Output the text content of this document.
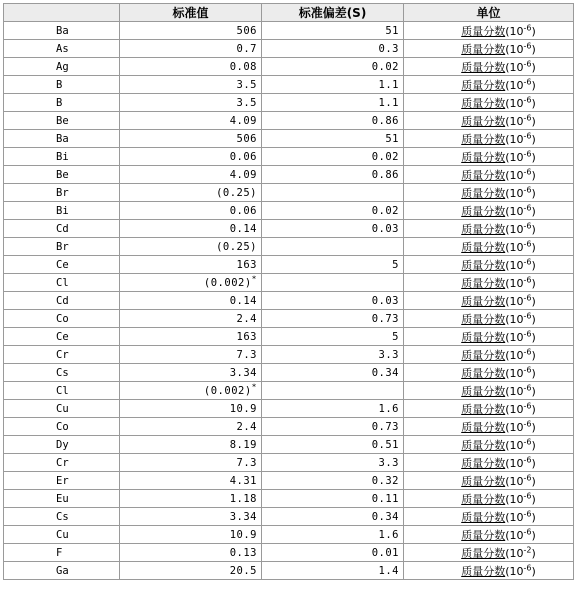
	标准值	标准偏差(S)	单位
Ba	506	51	质量分数$(10^{-6})$
As	0.7	0.3	质量分数$(10^{-6})$
Ag	0.08	0.02	质量分数$(10^{-6})$
B	3.5	1.1	质量分数$(10^{-6})$
B	3.5	1.1	质量分数$(10^{-6})$
Be	4.09	0.86	质量分数$(10^{-6})$
Ba	506	51	质量分数$(10^{-6})$
Bi	0.06	0.02	质量分数$(10^{-6})$
Be	4.09	0.86	质量分数$(10^{-6})$
Br	(0.25)		质量分数$(10^{-6})$
Bi	0.06	0.02	质量分数$(10^{-6})$
Cd	0.14	0.03	质量分数$(10^{-6})$
Br	(0.25)		质量分数$(10^{-6})$
Ce	163	5	质量分数$(10^{-6})$
Cl	(0.002)*		质量分数$(10^{-6})$
Cd	0.14	0.03	质量分数$(10^{-6})$
Co	2.4	0.73	质量分数$(10^{-6})$
Ce	163	5	质量分数$(10^{-6})$
Cr	7.3	3.3	质量分数$(10^{-6})$
Cs	3.34	0.34	质量分数$(10^{-6})$
Cl	(0.002)*		质量分数$(10^{-6})$
Cu	10.9	1.6	质量分数$(10^{-6})$
Co	2.4	0.73	质量分数$(10^{-6})$
Dy	8.19	0.51	质量分数$(10^{-6})$
Cr	7.3	3.3	质量分数$(10^{-6})$
Er	4.31	0.32	质量分数$(10^{-6})$
Eu	1.18	0.11	质量分数$(10^{-6})$
Cs	3.34	0.34	质量分数$(10^{-6})$
Cu	10.9	1.6	质量分数$(10^{-6})$
F	0.13	0.01	质量分数$(10^{-2})$
Ga	20.5	1.4	质量分数$(10^{-6})$
